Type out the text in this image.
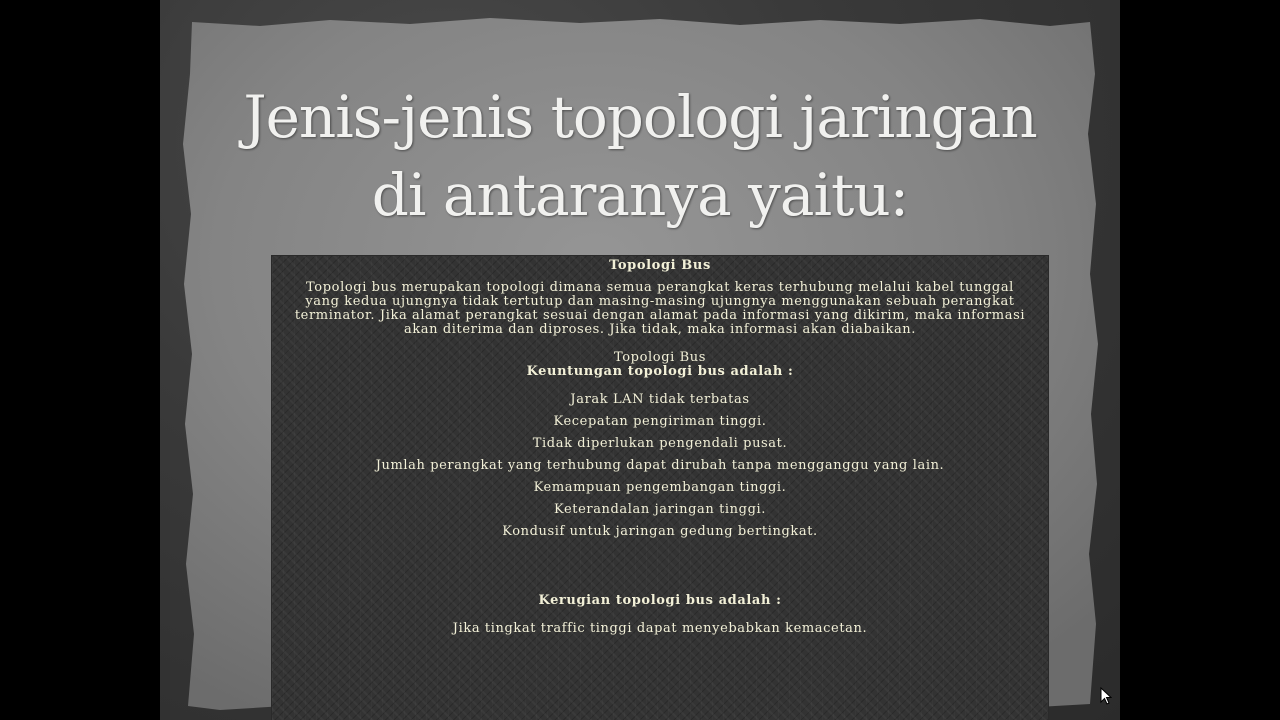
Jenis-jenis topologi jaringan
di antaranya yaitu:
Topologi Bus
Topologi bus merupakan topologi dimana semua perangkat keras terhubung melalui kabel tunggal yang kedua ujungnya tidak tertutup dan masing-masing ujungnya menggunakan sebuah perangkat terminator. Jika alamat perangkat sesuai dengan alamat pada informasi yang dikirim, maka informasi akan diterima dan diproses. Jika tidak, maka informasi akan diabaikan.
Topologi Bus
Keuntungan topologi bus adalah :
Jarak LAN tidak terbatas
Kecepatan pengiriman tinggi.
Tidak diperlukan pengendali pusat.
Jumlah perangkat yang terhubung dapat dirubah tanpa mengganggu yang lain.
Kemampuan pengembangan tinggi.
Keterandalan jaringan tinggi.
Kondusif untuk jaringan gedung bertingkat.
Kerugian topologi bus adalah :
Jika tingkat traffic tinggi dapat menyebabkan kemacetan.
